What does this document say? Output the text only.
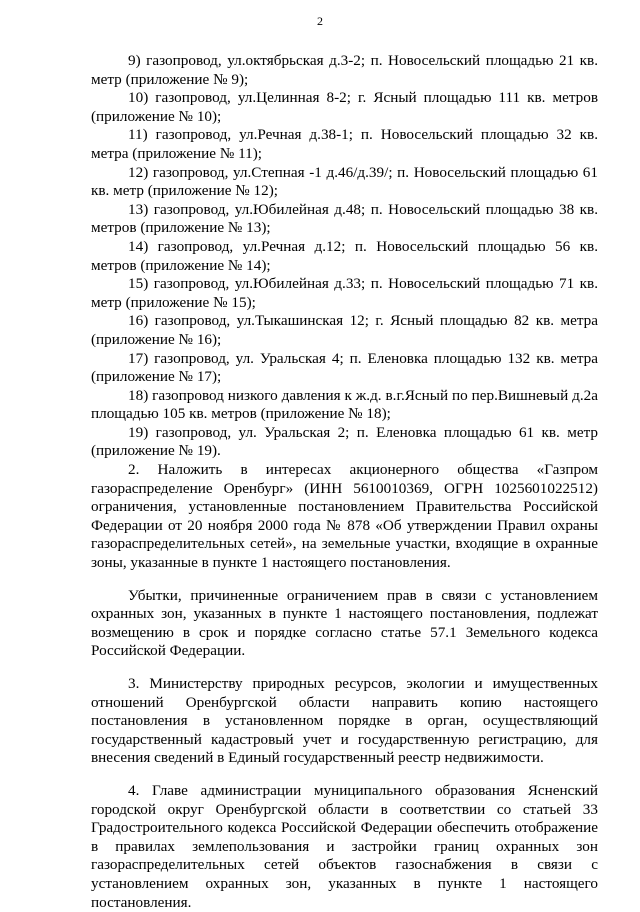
2

9) газопровод, ул.октябрьская д.3-2; п. Новосельский площадью 21 кв. метр (приложение № 9);

10) газопровод, ул.Целинная 8-2; г. Ясный площадью 111 кв. метров (приложение № 10);

11) газопровод, ул.Речная д.38-1; п. Новосельский площадью 32 кв. метра (приложение № 11);

12) газопровод, ул.Степная -1 д.46/д.39/; п. Новосельский площадью 61 кв. метр (приложение № 12);

13) газопровод, ул.Юбилейная д.48; п. Новосельский площадью 38 кв. метров (приложение № 13);

14) газопровод, ул.Речная д.12; п. Новосельский площадью 56 кв. метров (приложение № 14);

15) газопровод, ул.Юбилейная д.33; п. Новосельский площадью 71 кв. метр (приложение № 15);

16) газопровод, ул.Тыкашинская 12; г. Ясный площадью 82 кв. метра (приложение № 16);

17) газопровод, ул. Уральская 4; п. Еленовка площадью 132 кв. метра (приложение № 17);

18) газопровод низкого давления к ж.д. в.г.Ясный по пер.Вишневый д.2а площадью 105 кв. метров (приложение № 18);

19) газопровод, ул. Уральская 2; п. Еленовка площадью 61 кв. метр (приложение № 19).

2. Наложить в интересах акционерного общества «Газпром газораспределение Оренбург» (ИНН 5610010369, ОГРН 1025601022512) ограничения, установленные постановлением Правительства Российской Федерации от 20 ноября 2000 года № 878 «Об утверждении Правил охраны газораспределительных сетей», на земельные участки, входящие в охранные зоны, указанные в пункте 1 настоящего постановления.

Убытки, причиненные ограничением прав в связи с установлением охранных зон, указанных в пункте 1 настоящего постановления, подлежат возмещению в срок и порядке согласно статье 57.1 Земельного кодекса Российской Федерации.

3. Министерству природных ресурсов, экологии и имущественных отношений Оренбургской области направить копию настоящего постановления в установленном порядке в орган, осуществляющий государственный кадастровый учет и государственную регистрацию, для внесения сведений в Единый государственный реестр недвижимости.

4. Главе администрации муниципального образования Ясненский городской округ Оренбургской области в соответствии со статьей 33 Градостроительного кодекса Российской Федерации обеспечить отображение в правилах землепользования и застройки границ охранных зон газораспределительных сетей объектов газоснабжения в связи с установлением охранных зон, указанных в пункте 1 настоящего постановления.
